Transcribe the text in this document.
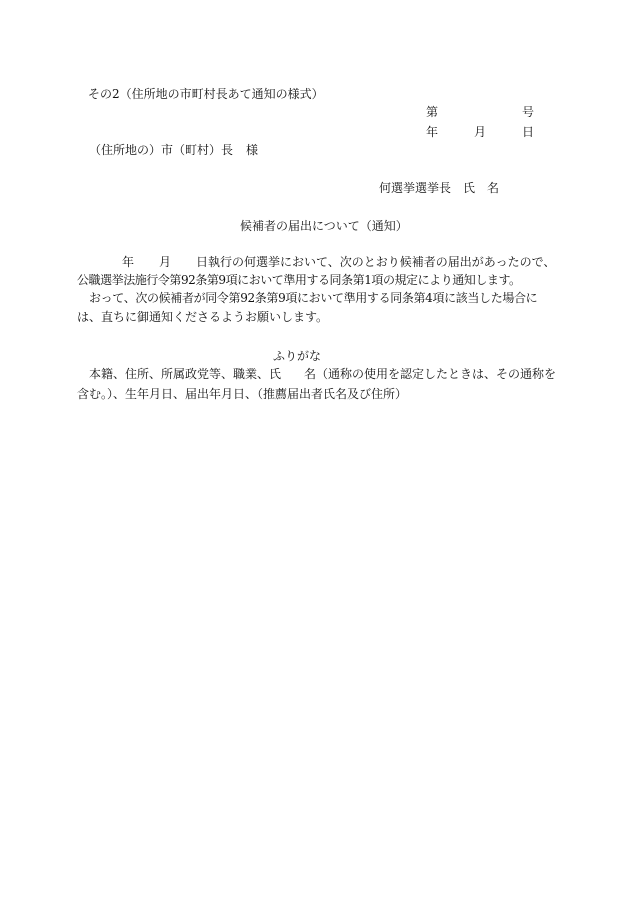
その2（住所地の市町村長あて通知の様式）
第	号
年	月	日
（住所地の）市（町村）長 様
何選挙選挙長 氏 名
候補者の届出について（通知）
年 月 日執行の何選挙において、次のとおり候補者の届出があったので、
公職選挙法施行令第92条第9項において準用する同条第1項の規定により通知します。
おって、次の候補者が同令第92条第9項において準用する同条第4項に該当した場合に
は、直ちに御通知くださるようお願いします。
ふりがな
本籍、住所、所属政党等、職業、氏 名（通称の使用を認定したときは、その通称を
含む。）、生年月日、届出年月日、（推薦届出者氏名及び住所）
